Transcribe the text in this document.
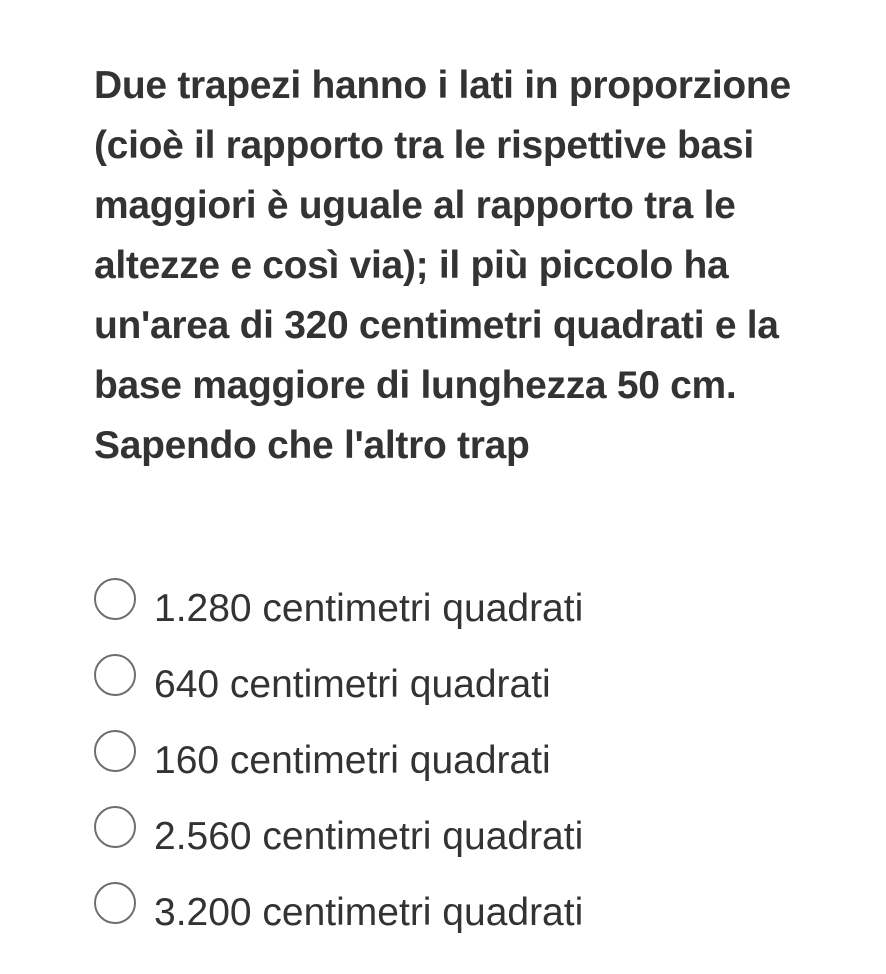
Due trapezi hanno i lati in proporzione (cioè il rapporto tra le rispettive basi maggiori è uguale al rapporto tra le altezze e così via); il più piccolo ha un'area di 320 centimetri quadrati e la base maggiore di lunghezza 50 cm. Sapendo che l'altro trap

1.280 centimetri quadrati
640 centimetri quadrati
160 centimetri quadrati
2.560 centimetri quadrati
3.200 centimetri quadrati
